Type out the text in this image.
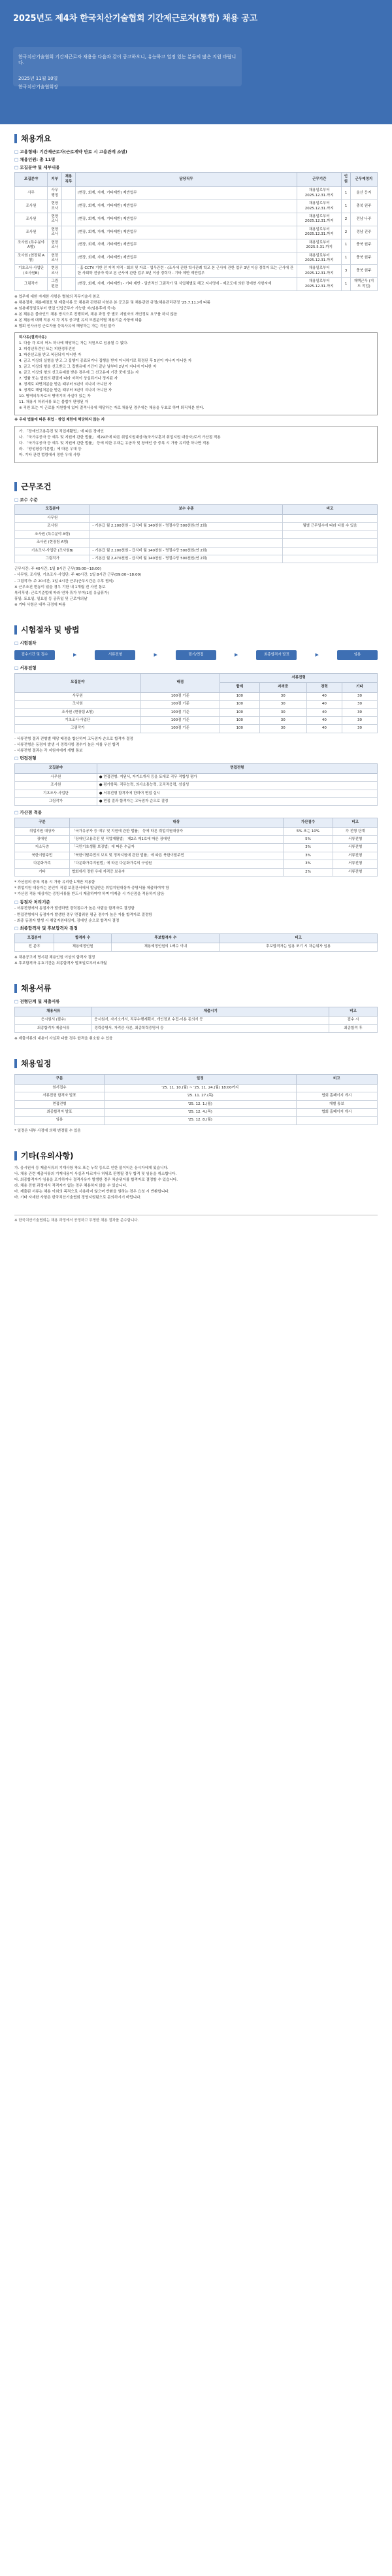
2025년도 제4차 한국치산기술협회 기간제근로자(통합) 채용 공고
한국치산기술협회 기간제근로자 채용을 다음과 같이 공고하오니, 유능하고 열정 있는 분들의 많은 지원 바랍니다.
2025년 11월 10일
한국치산기술협회장
채용개요
□ 고용형태: 기간제근로자(근로계약 만료 시 고용관계 소멸)
□ 채용인원: 총 11명
□ 모집분야 및 세부내용
모집분야	지부	채용직무	담당직무	근무기간	인원	근무예정지
사무	사무행정		(현장, 회계, 자재, 기타제반) 제반업무	채용일로부터 2025.12.31.까지	1	울산 등지
조사원	현장조사		(현장, 회계, 자재, 기타제반) 제반업무	채용일로부터 2025.12.31.까지	1	충북 원주
조사원	현장조사		(현장, 회계, 자재, 기타제반) 제반업무	채용일로부터 2025.12.31.까지	2	전남 나주
조사원	현장조사		(현장, 회계, 자재, 기타제반) 제반업무	채용일로부터 2025.12.31.까지	2	경남 진주
조사원 (특수분야 A형)	현장조사		(현장, 회계, 자재, 기타제반) 제반업무	채용일로부터 2025.5.31.까지	1	충북 원주
조사원 (현장팀 A형)	현장조사		(현장, 회계, 자재, 기타제반) 제반업무	채용일로부터 2025.12.31.까지	1	충북 원주
기초조사·사업단 (조사원B)	현장조사		- 홈 CCTV 기반 전 지역 지역 - 회의 및 자료 - 업무관련 - (조사에 관한 학사관례 학교 본 근사에 관한 업무 3년 이상 경력자 또는 근사에 관한 사회학 전공자 학교 본 근사에 관한 업무 3년 이상 경력자 - 기타 제반 제반업무	채용일로부터 2025.12.31.까지	3	충북 원주
그림작가	그림편찬		(현장, 회계, 자재, 기타제반) - 기타 제반 - 일반적인 그림작가 및 식업체별로 해고 지시명에 - 제조도에 의한 장애현 사항자재	채용일로부터 2025.12.31.까지	1	재택근무 (지도 작업)

※ 업무에 대한 자세한 사항은 별첨의 직무기술서 참조

※ 채용절차, 채용배점표 및 제출서류 등 채용과 관련된 사항은 본 공고문 및 채용관련 규정(채용관리규정 '25.7.11.)에 따름

※ 임용예정일로부터 현업 인입근무가 가능한 자(임용후에 즉시)

※ 본 채용은 블라인드 채용 방식으로 진행되며, 채용 과정 중 별도 지원자의 개인정보 요구를 하지 않음

※ 본 채용에 대해 적용 시 각 지부 공고별 유의 모집분야별 채용기준 사항에 따름

※ 협회 인사규정 근로자를 등록사유에 해당하는 자는 지원 불가

퇴사유(결격사유)

1. 다음 각 호의 어느 하나에 해당하는 자는 직원으로 임용될 수 없다.

2. 피성년후견인 또는 피한정후견인

3. 파산선고를 받고 복권되지 아니한 자

4. 금고 이상의 실형을 받고 그 집행이 종료되거나 집행을 받지 아니하기로 확정된 후 5년이 지나지 아니한 자

5. 금고 이상의 형을 선고받고 그 집행유예 기간이 끝난 날부터 2년이 지나지 아니한 자

6. 금고 이상의 형의 선고유예를 받은 경우에 그 선고유예 기간 중에 있는 자

7. 법률 또는 법원의 판결에 따라 자격이 상실되거나 정지된 자

8. 징계로 파면처분을 받은 때부터 5년이 지나지 아니한 자

9. 징계로 해임처분을 받은 때부터 3년이 지나지 아니한 자

10. 병역의무자로서 병역기피 사실이 있는 자

11. 채용시 허위서류 또는 불법이 판명된 자

※ 직원 또는 이 근로를 지원함에 있어 결격사유에 해당하는 자로 채용된 경우에는 채용을 무효로 하며 퇴직처분 한다.

※ 우대 법률에 따른 취업 · 창업 제한에 해당하지 않는 자

가. 「장애인고용촉진 및 직업재활법」에 따른 장애인

나. 「국가유공자 등 예우 및 지원에 관한 법률」 제29조에 따른 취업지원대상자(국가보훈처 취업지원 대상자)로서 가산점 적용

다. 「국가유공자 등 예우 및 지원에 관한 법률」 등에 의한 우대는 유공자 및 장애인 중 중복 시 가장 유리한 하나만 적용

라. 「양성평등기본법」에 따른 우대 등

마. 기타 관련 법령에서 정한 우대 사항

근무조건
□ 보수 수준
모집분야	보수 수준	비고
사무원		
조사원	- 기본급 월 2,100천원 - 급식비 월 140천원 - 명절수당 500천원(연 2회)	월별 근무일수에 따라 다를 수 있음
조사원 (특수분야 A형)		
조사원 (현장팀 A형)		
기초조사·사업단 (조사원B)	- 기본급 월 2,100천원 - 급식비 월 140천원 - 명절수당 500천원(연 2회)	
그림작가	- 기본급 월 2,470천원 - 급식비 월 140천원 - 명절수당 500천원(연 2회)	

근무시간: 주 40시간, 1일 8시간 근무(09:00~18:00)

- 사무원, 조사원, 기초조사·사업단: 주 40시간, 1일 8시간 근무(09:00~18:00)

- 그림작가: 주 20시간, 1일 4시간 근무(근무시간은 추후 협의)

※ 근무조건 변동이 있을 경우 기한 내 1개월 전 사전 통보

복리후생: 근로기준법에 따라 연차 휴가 부여(1일 유급휴가)

휴일: 토요일, 일요일 등 공휴일 및 근로자의날

※ 기타 사항은 내부 규정에 따름

시험절차 및 방법
□ 시험절차
접수기간 및 접수	▶	서류전형	▶	필기/면접	▶	최종합격자 발표	▶	임용
□ 서류전형
모집분야	배점	서류전형			
		합계	자격증	경력	기타
사무원	100점 기준	100	30	40	30
조사원	100점 기준	100	30	40	30
조사원 (현장팀 A형)	100점 기준	100	30	40	30
기초조사·사업단	100점 기준	100	30	40	30
그림작가	100점 기준	100	30	40	30

- 서류전형 결과 전형별 해당 배점을 합산하여 고득점자 순으로 합격자 결정

- 서류전형은 동점자 발생 시 경력사항 점수가 높은 자를 우선 합격

- 서류전형 결과는 각 지원자에게 개별 통보

□ 면접전형
모집분야	면접전형
사무원	● 면접전형: 지원서, 자기소개서 등을 토대로 직무 적합성 평가
조사원	● 평가항목: 직무능력, 의사소통능력, 조직적응력, 성실성
기초조사·사업단	● 서류전형 합격자에 한하여 면접 실시
그림작가	● 면접 결과 합격자는 고득점자 순으로 결정
□ 가산점 적용
구분	대상	가산점수	비고
취업지원 대상자	「국가유공자 등 예우 및 지원에 관한 법률」 등에 따른 취업지원대상자	5% 또는 10%	각 전형 단계
장애인	「장애인고용촉진 및 직업재활법」 제2조 제1호에 따른 장애인	5%	서류전형
저소득층	「국민기초생활 보장법」에 따른 수급자	3%	서류전형
북한이탈주민	「북한이탈주민의 보호 및 정착지원에 관한 법률」에 따른 북한이탈주민	3%	서류전형
다문화가족	「다문화가족지원법」에 따른 다문화가족의 구성원	3%	서류전형
기타	협회에서 정한 우대 자격증 보유자	2%	서류전형

* 가산점의 중복 적용 시 가장 유리한 1개만 적용함

* 취업지원 대상자는 본인이 직접 보훈관서에서 발급받은 취업지원대상자 증명서를 제출하여야 함

* 가산점 적용 대상자는 증빙서류를 반드시 제출하여야 하며 미제출 시 가산점을 적용하지 않음

□ 동점자 처리기준

- 서류전형에서 동점자가 발생하면 경력점수가 높은 사람을 합격자로 결정함

- 면접전형에서 동점자가 발생한 경우 면접위원 평균 점수가 높은 자를 합격자로 결정함

- 최종 동점자 발생 시 취업지원대상자, 장애인 순으로 합격자 결정

□ 최종합격자 및 후보합격자 결정
모집분야	합격자 수	후보합격자 수	비고
전 분야	채용예정인원	채용예정인원의 1배수 이내	후보합격자는 임용 포기 시 차순위자 임용

※ 채용공고에 명시된 채용인원 이상의 합격자 결정

※ 후보합격자 유효기간은 최종합격자 발표일로부터 6개월

채용서류
□ 전형단계 및 제출서류
채용서류	제출시기	비고
응시원서 (필수)	응시원서, 자기소개서, 직무수행계획서, 개인정보 수집·이용 동의서 등	접수 시
최종합격자 제출서류	경력증명서, 자격증 사본, 최종학력증명서 등	최종합격 후

※ 제출서류의 내용이 사실과 다를 경우 합격을 취소할 수 있음

채용일정
구분	일정	비고
원서접수	'25. 11. 10.(월) ~ '25. 11. 24.(월) 18:00까지	
서류전형 합격자 발표	'25. 11. 27.(목)	협회 홈페이지 게시
면접전형	'25. 12. 1.(월)	개별 통보
최종합격자 발표	'25. 12. 4.(목)	협회 홈페이지 게시
임용	'25. 12. 8.(월)	

* 일정은 내부 사정에 의해 변경될 수 있음

기타(유의사항)

가. 응시원서 등 제출서류의 기재사항 착오 또는 누락 등으로 인한 불이익은 응시자에게 있습니다.

나. 채용 관련 제출서류의 기재내용이 사실과 다르거나 허위로 판명될 경우 합격 및 임용을 취소합니다.

다. 최종합격자가 임용을 포기하거나 결격사유가 발생한 경우 차순위자를 합격자로 결정할 수 있습니다.

라. 채용 전형 과정에서 적격자가 없는 경우 채용하지 않을 수 있습니다.

마. 제출된 서류는 채용 이외의 목적으로 사용하지 않으며 반환을 원하는 경우 요청 시 반환합니다.

바. 기타 자세한 사항은 한국치산기술협회 경영지원팀으로 문의하시기 바랍니다.

※ 한국치산기술협회는 채용 과정에서 공정하고 투명한 채용 절차를 준수합니다.
